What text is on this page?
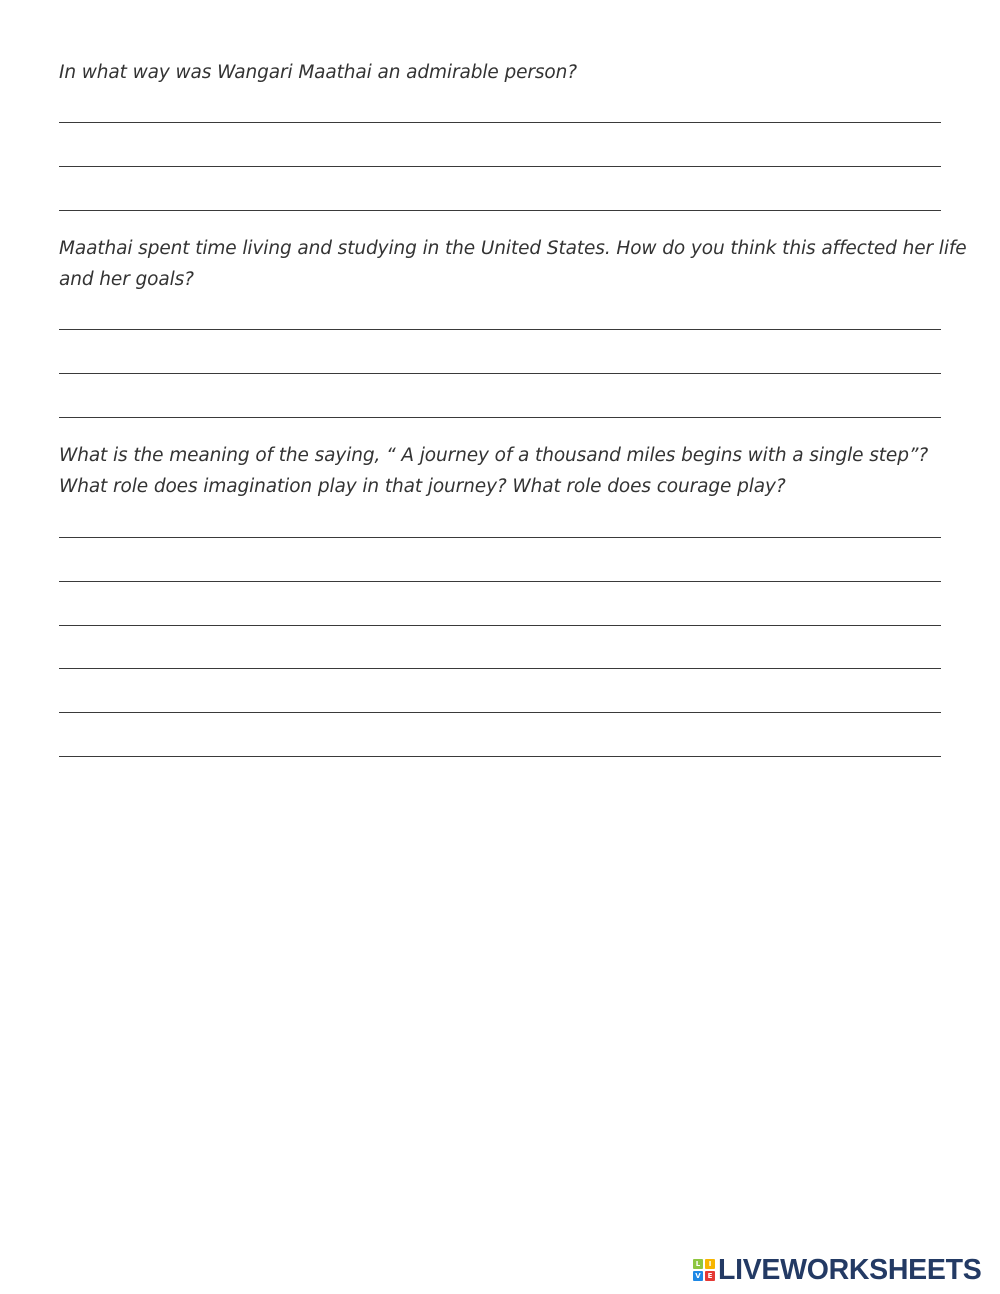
In what way was Wangari Maathai an admirable person?
Maathai spent time living and studying in the United States. How do you think this affected her life
and her goals?
What is the meaning of the saying, “ A journey of a thousand miles begins with a single step”?
What role does imagination play in that journey? What role does courage play?
L	I
V E LIVEWORKSHEETS
